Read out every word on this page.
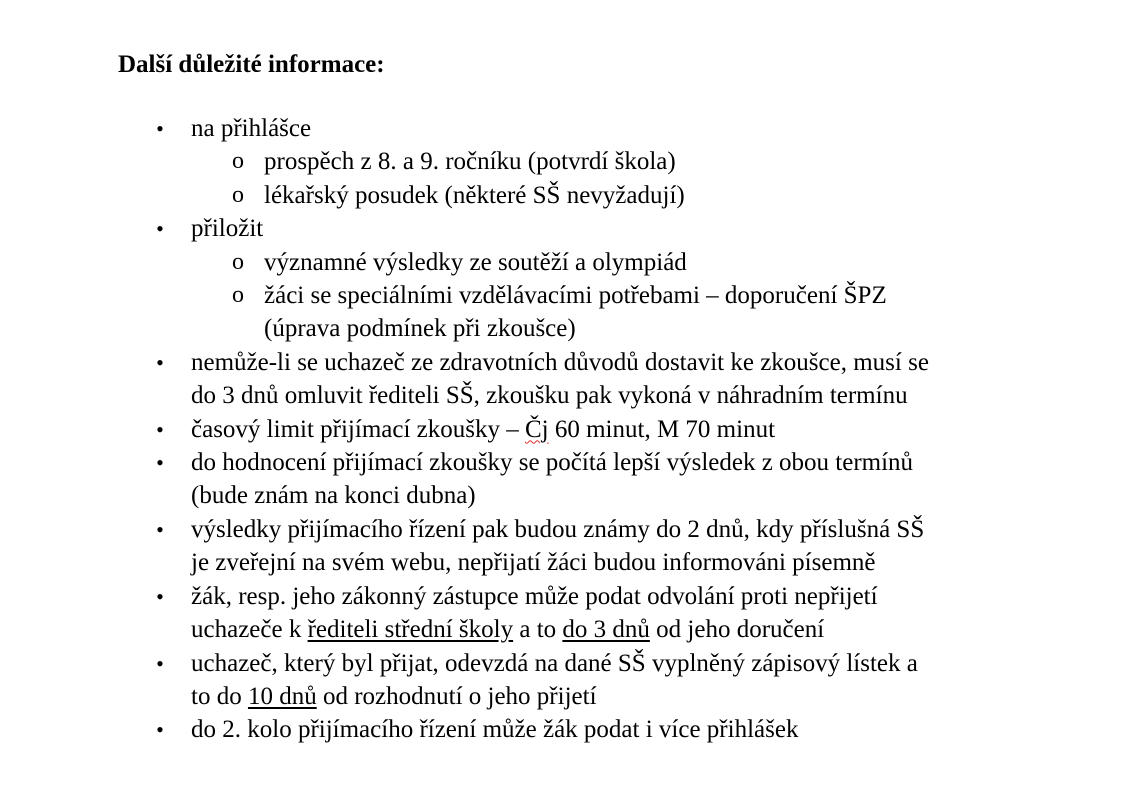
Další důležité informace:
• na přihlášce
o prospěch z 8. a 9. ročníku (potvrdí škola)
o lékařský posudek (některé SŠ nevyžadují)
• přiložit
o významné výsledky ze soutěží a olympiád
o žáci se speciálními vzdělávacími potřebami – doporučení ŠPZ
(úprava podmínek při zkoušce)
• nemůže-li se uchazeč ze zdravotních důvodů dostavit ke zkoušce, musí se
do 3 dnů omluvit řediteli SŠ, zkoušku pak vykoná v náhradním termínu
• časový limit přijímací zkoušky – Čj 60 minut, M 70 minut
• do hodnocení přijímací zkoušky se počítá lepší výsledek z obou termínů
(bude znám na konci dubna)
• výsledky přijímacího řízení pak budou známy do 2 dnů, kdy příslušná SŠ
je zveřejní na svém webu, nepřijatí žáci budou informováni písemně
• žák, resp. jeho zákonný zástupce může podat odvolání proti nepřijetí
uchazeče k řediteli střední školy a to do 3 dnů od jeho doručení
• uchazeč, který byl přijat, odevzdá na dané SŠ vyplněný zápisový lístek a
to do 10 dnů od rozhodnutí o jeho přijetí
• do 2. kolo přijímacího řízení může žák podat i více přihlášek
